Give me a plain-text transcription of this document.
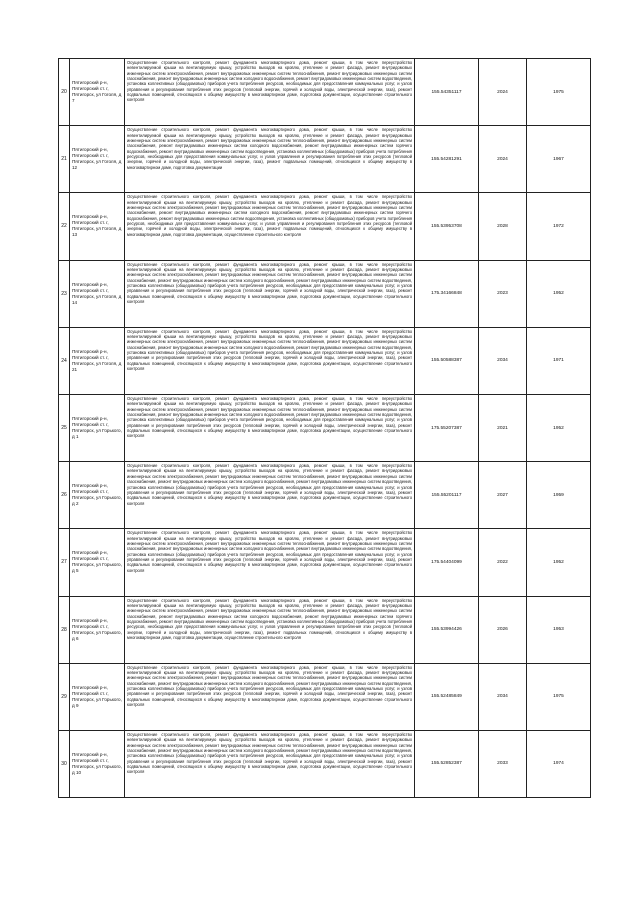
20	Пятигорский р-н, Пятигорский ст. г, Пятигорск, ул Гоголя, д 7	Осуществление строительного контроля, ремонт фундамента многоквартирного дома, ремонт крыши, в том числе переустройство невентилируемой крыши на вентилируемую крышу, устройство выходов на кровлю, утепление и ремонт фасада, ремонт внутридомовых инженерных систем электроснабжения, ремонт внутридомовых инженерных систем теплоснабжения, ремонт внутридомовых инженерных систем газоснабжения, ремонт внутридомовых инженерных систем холодного водоснабжения, ремонт внутридомовых инженерных систем водоотведения, установка коллективных (общедомовых) приборов учета потребления ресурсов, необходимых для предоставления коммунальных услуг, и узлов управления и регулирования потребления этих ресурсов (тепловой энергии, горячей и холодной воды, электрической энергии, газа), ремонт подвальных помещений, относящихся к общему имуществу в многоквартирном доме, подготовка документации, осуществление строительного контроля	155.54351117	2024	1975
21	Пятигорский р-н, Пятигорский ст. г, Пятигорск, ул Гоголя, д 12	Осуществление строительного контроля, ремонт фундамента многоквартирного дома, ремонт крыши, в том числе переустройство невентилируемой крыши на вентилируемую крышу, устройство выходов на кровлю, утепление и ремонт фасада, ремонт внутридомовых инженерных систем электроснабжения, ремонт внутридомовых инженерных систем теплоснабжения, ремонт внутридомовых инженерных систем газоснабжения, ремонт внутридомовых инженерных систем холодного водоснабжения, ремонт внутридомовых инженерных систем горячего водоснабжения, ремонт внутридомовых инженерных систем водоотведения, установка коллективных (общедомовых) приборов учета потребления ресурсов, необходимых для предоставления коммунальных услуг, и узлов управления и регулирования потребления этих ресурсов (тепловой энергии, горячей и холодной воды, электрической энергии, газа), ремонт подвальных помещений, относящихся к общему имуществу в многоквартирном доме, подготовка документации	155.54281291	2024	1967
22	Пятигорский р-н, Пятигорский ст. г, Пятигорск, ул Гоголя, д 13	Осуществление строительного контроля, ремонт фундамента многоквартирного дома, ремонт крыши, в том числе переустройство невентилируемой крыши на вентилируемую крышу, устройство выходов на кровлю, утепление и ремонт фасада, ремонт внутридомовых инженерных систем электроснабжения, ремонт внутридомовых инженерных систем теплоснабжения, ремонт внутридомовых инженерных систем газоснабжения, ремонт внутридомовых инженерных систем холодного водоснабжения, ремонт внутридомовых инженерных систем горячего водоснабжения, ремонт внутридомовых инженерных систем водоотведения, установка коллективных (общедомовых) приборов учета потребления ресурсов, необходимых для предоставления коммунальных услуг, и узлов управления и регулирования потребления этих ресурсов (тепловой энергии, горячей и холодной воды, электрической энергии, газа), ремонт подвальных помещений, относящихся к общему имуществу в многоквартирном доме, подготовка документации, осуществление строительного контроля	155.53953708	2028	1972
23	Пятигорский р-н, Пятигорский ст. г, Пятигорск, ул Гоголя, д 14	Осуществление строительного контроля, ремонт фундамента многоквартирного дома, ремонт крыши, в том числе переустройство невентилируемой крыши на вентилируемую крышу, устройство выходов на кровлю, утепление и ремонт фасада, ремонт внутридомовых инженерных систем электроснабжения, ремонт внутридомовых инженерных систем теплоснабжения, ремонт внутридомовых инженерных систем газоснабжения, ремонт внутридомовых инженерных систем холодного водоснабжения, ремонт внутридомовых инженерных систем водоотведения, установка коллективных (общедомовых) приборов учета потребления ресурсов, необходимых для предоставления коммунальных услуг, и узлов управления и регулирования потребления этих ресурсов (тепловой энергии, горячей и холодной воды, электрической энергии, газа), ремонт подвальных помещений, относящихся к общему имуществу в многоквартирном доме, подготовка документации, осуществление строительного контроля	175.34166848	2023	1952
24	Пятигорский р-н, Пятигорский ст. г, Пятигорск, ул Гоголя, д 21	Осуществление строительного контроля, ремонт фундамента многоквартирного дома, ремонт крыши, в том числе переустройство невентилируемой крыши на вентилируемую крышу, устройство выходов на кровлю, утепление и ремонт фасада, ремонт внутридомовых инженерных систем электроснабжения, ремонт внутридомовых инженерных систем теплоснабжения, ремонт внутридомовых инженерных систем газоснабжения, ремонт внутридомовых инженерных систем холодного водоснабжения, ремонт внутридомовых инженерных систем водоотведения, установка коллективных (общедомовых) приборов учета потребления ресурсов, необходимых для предоставления коммунальных услуг, и узлов управления и регулирования потребления этих ресурсов (тепловой энергии, горячей и холодной воды, электрической энергии, газа), ремонт подвальных помещений, относящихся к общему имуществу в многоквартирном доме, подготовка документации, осуществление строительного контроля	155.50588387	2034	1971
25	Пятигорский р-н, Пятигорский ст. г, Пятигорск, ул Горького, д 1	Осуществление строительного контроля, ремонт фундамента многоквартирного дома, ремонт крыши, в том числе переустройство невентилируемой крыши на вентилируемую крышу, устройство выходов на кровлю, утепление и ремонт фасада, ремонт внутридомовых инженерных систем электроснабжения, ремонт внутридомовых инженерных систем теплоснабжения, ремонт внутридомовых инженерных систем газоснабжения, ремонт внутридомовых инженерных систем холодного водоснабжения, ремонт внутридомовых инженерных систем водоотведения, установка коллективных (общедомовых) приборов учета потребления ресурсов, необходимых для предоставления коммунальных услуг, и узлов управления и регулирования потребления этих ресурсов (тепловой энергии, горячей и холодной воды, электрической энергии, газа), ремонт подвальных помещений, относящихся к общему имуществу в многоквартирном доме, подготовка документации, осуществление строительного контроля	175.55207387	2021	1952
26	Пятигорский р-н, Пятигорский ст. г, Пятигорск, ул Горького, д 2	Осуществление строительного контроля, ремонт фундамента многоквартирного дома, ремонт крыши, в том числе переустройство невентилируемой крыши на вентилируемую крышу, устройство выходов на кровлю, утепление и ремонт фасада, ремонт внутридомовых инженерных систем электроснабжения, ремонт внутридомовых инженерных систем теплоснабжения, ремонт внутридомовых инженерных систем газоснабжения, ремонт внутридомовых инженерных систем холодного водоснабжения, ремонт внутридомовых инженерных систем водоотведения, установка коллективных (общедомовых) приборов учета потребления ресурсов, необходимых для предоставления коммунальных услуг, и узлов управления и регулирования потребления этих ресурсов (тепловой энергии, горячей и холодной воды, электрической энергии, газа), ремонт подвальных помещений, относящихся к общему имуществу в многоквартирном доме, подготовка документации, осуществление строительного контроля	155.55201117	2027	1959
27	Пятигорский р-н, Пятигорский ст. г, Пятигорск, ул Горького, д 5	Осуществление строительного контроля, ремонт фундамента многоквартирного дома, ремонт крыши, в том числе переустройство невентилируемой крыши на вентилируемую крышу, устройство выходов на кровлю, утепление и ремонт фасада, ремонт внутридомовых инженерных систем электроснабжения, ремонт внутридомовых инженерных систем теплоснабжения, ремонт внутридомовых инженерных систем газоснабжения, ремонт внутридомовых инженерных систем холодного водоснабжения, ремонт внутридомовых инженерных систем водоотведения, установка коллективных (общедомовых) приборов учета потребления ресурсов, необходимых для предоставления коммунальных услуг, и узлов управления и регулирования потребления этих ресурсов (тепловой энергии, горячей и холодной воды, электрической энергии, газа), ремонт подвальных помещений, относящихся к общему имуществу в многоквартирном доме, подготовка документации, осуществление строительного контроля	175.54404099	2022	1952
28	Пятигорский р-н, Пятигорский ст. г, Пятигорск, ул Горького, д 6	Осуществление строительного контроля, ремонт фундамента многоквартирного дома, ремонт крыши, в том числе переустройство невентилируемой крыши на вентилируемую крышу, устройство выходов на кровлю, утепление и ремонт фасада, ремонт внутридомовых инженерных систем электроснабжения, ремонт внутридомовых инженерных систем теплоснабжения, ремонт внутридомовых инженерных систем газоснабжения, ремонт внутридомовых инженерных систем холодного водоснабжения, ремонт внутридомовых инженерных систем горячего водоснабжения, ремонт внутридомовых инженерных систем водоотведения, установка коллективных (общедомовых) приборов учета потребления ресурсов, необходимых для предоставления коммунальных услуг, и узлов управления и регулирования потребления этих ресурсов (тепловой энергии, горячей и холодной воды, электрической энергии, газа), ремонт подвальных помещений, относящихся к общему имуществу в многоквартирном доме, подготовка документации, осуществление строительного контроля	155.53994426	2026	1953
29	Пятигорский р-н, Пятигорский ст. г, Пятигорск, ул Горького, д 9	Осуществление строительного контроля, ремонт фундамента многоквартирного дома, ремонт крыши, в том числе переустройство невентилируемой крыши на вентилируемую крышу, устройство выходов на кровлю, утепление и ремонт фасада, ремонт внутридомовых инженерных систем электроснабжения, ремонт внутридомовых инженерных систем теплоснабжения, ремонт внутридомовых инженерных систем газоснабжения, ремонт внутридомовых инженерных систем холодного водоснабжения, ремонт внутридомовых инженерных систем водоотведения, установка коллективных (общедомовых) приборов учета потребления ресурсов, необходимых для предоставления коммунальных услуг, и узлов управления и регулирования потребления этих ресурсов (тепловой энергии, горячей и холодной воды, электрической энергии, газа), ремонт подвальных помещений, относящихся к общему имуществу в многоквартирном доме, подготовка документации, осуществление строительного контроля	155.52485849	2034	1975
30	Пятигорский р-н, Пятигорский ст. г, Пятигорск, ул Горького, д 10	Осуществление строительного контроля, ремонт фундамента многоквартирного дома, ремонт крыши, в том числе переустройство невентилируемой крыши на вентилируемую крышу, устройство выходов на кровлю, утепление и ремонт фасада, ремонт внутридомовых инженерных систем электроснабжения, ремонт внутридомовых инженерных систем теплоснабжения, ремонт внутридомовых инженерных систем газоснабжения, ремонт внутридомовых инженерных систем холодного водоснабжения, ремонт внутридомовых инженерных систем водоотведения, установка коллективных (общедомовых) приборов учета потребления ресурсов, необходимых для предоставления коммунальных услуг, и узлов управления и регулирования потребления этих ресурсов (тепловой энергии, горячей и холодной воды, электрической энергии, газа), ремонт подвальных помещений, относящихся к общему имуществу в многоквартирном доме, подготовка документации, осуществление строительного контроля	155.52852387	2033	1974
